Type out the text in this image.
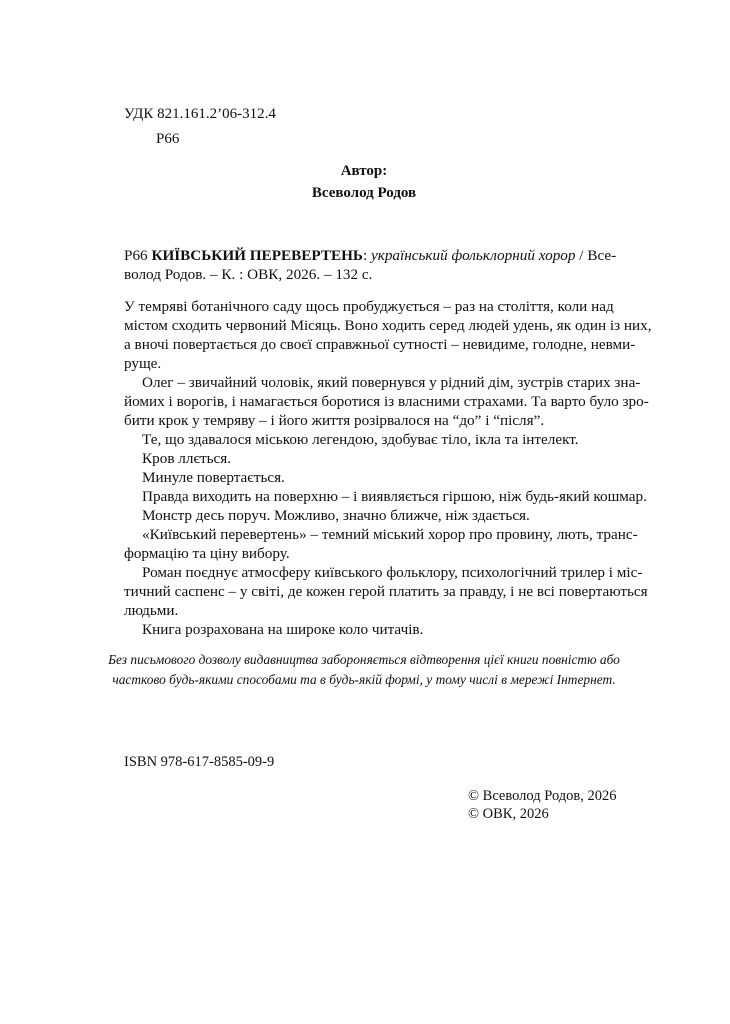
УДК 821.161.2’06-312.4
Р66
Автор:
Всеволод Родов
Р66 КИЇВСЬКИЙ ПЕРЕВЕРТЕНЬ: український фольклорний хорор / Все-
волод Родов. – К. : ОВК, 2026. – 132 с.
У темряві ботанічного саду щось пробуджується – раз на століття, коли над
містом сходить червоний Місяць. Воно ходить серед людей удень, як один із них,
а вночі повертається до своєї справжньої сутності – невидиме, голодне, невми-
руще.
Олег – звичайний чоловік, який повернувся у рідний дім, зустрів старих зна-
йомих і ворогів, і намагається боротися із власними страхами. Та варто було зро-
бити крок у темряву – і його життя розірвалося на “до” і “після”.
Те, що здавалося міською легендою, здобуває тіло, ікла та інтелект.
Кров ллється.
Минуле повертається.
Правда виходить на поверхню – і виявляється гіршою, ніж будь-який кошмар.
Монстр десь поруч. Можливо, значно ближче, ніж здається.
«Київський перевертень» – темний міський хорор про провину, лють, транс-
формацію та ціну вибору.
Роман поєднує атмосферу київського фольклору, психологічний трилер і міс-
тичний саспенс – у світі, де кожен герой платить за правду, і не всі повертаються
людьми.
Книга розрахована на широке коло читачів.
Без письмового дозволу видавництва забороняється відтворення цієї книги повністю або
частково будь-якими способами та в будь-якій формі, у тому числі в мережі Інтернет.
ISBN 978-617-8585-09-9
© Всеволод Родов, 2026
© ОВК, 2026
